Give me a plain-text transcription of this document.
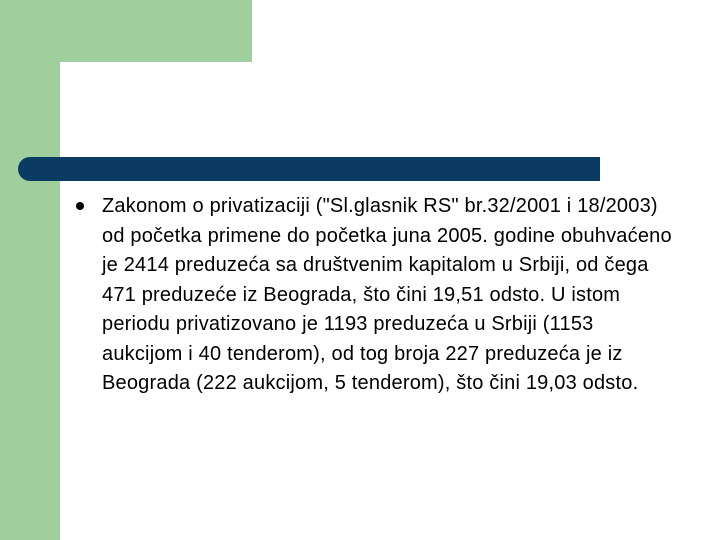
Zakonom o privatizaciji ("Sl.glasnik RS" br.32/2001 i 18/2003) od početka primene do početka juna 2005. godine obuhvaćeno je 2414 preduzeća sa društvenim kapitalom u Srbiji, od čega 471 preduzeće iz Beograda, što čini 19,51 odsto. U istom periodu privatizovano je 1193 preduzeća u Srbiji (1153 aukcijom i 40 tenderom), od tog broja 227 preduzeća je iz Beograda (222 aukcijom, 5 tenderom), što čini 19,03 odsto.
